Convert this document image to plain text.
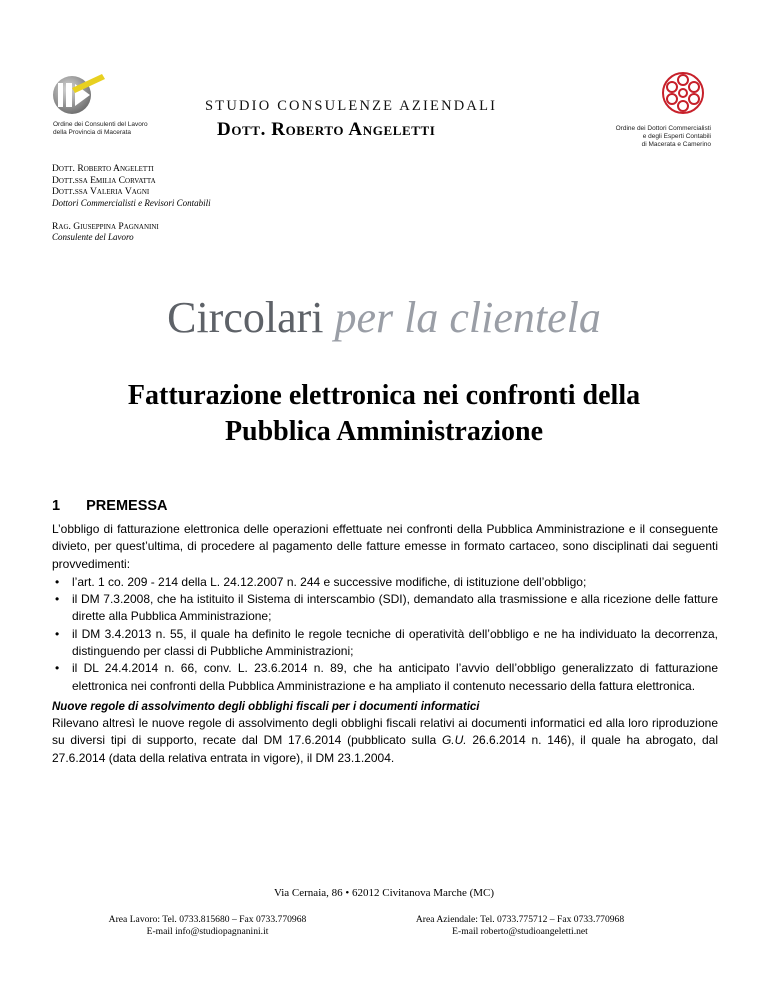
Ordine dei Consulenti del Lavoro
della Provincia di Macerata
STUDIO CONSULENZE AZIENDALI
Dott. Roberto Angeletti	Ordine dei Dottori Commercialisti
e degli Esperti Contabili
di Macerata e Camerino
Dott. Roberto Angeletti
Dott.ssa Emilia Corvatta
Dott.ssa Valeria Vagni
Dottori Commercialisti e Revisori Contabili
Rag. Giuseppina Pagnanini
Consulente del Lavoro
Circolari per la clientela
Fatturazione elettronica nei confronti della
Pubblica Amministrazione
1 PREMESSA
L’obbligo di fatturazione elettronica delle operazioni effettuate nei confronti della Pubblica Amministrazione e il conseguente divieto, per quest’ultima, di procedere al pagamento delle fatture emesse in formato cartaceo, sono disciplinati dai seguenti provvedimenti:
• l’art. 1 co. 209 - 214 della L. 24.12.2007 n. 244 e successive modifiche, di istituzione dell’obbligo;
• il DM 7.3.2008, che ha istituito il Sistema di interscambio (SDI), demandato alla trasmissione e alla ricezione delle fatture dirette alla Pubblica Amministrazione;
• il DM 3.4.2013 n. 55, il quale ha definito le regole tecniche di operatività dell’obbligo e ne ha individuato la decorrenza, distinguendo per classi di Pubbliche Amministrazioni;
• il DL 24.4.2014 n. 66, conv. L. 23.6.2014 n. 89, che ha anticipato l’avvio dell’obbligo generalizzato di fatturazione elettronica nei confronti della Pubblica Amministrazione e ha ampliato il contenuto necessario della fattura elettronica.
Nuove regole di assolvimento degli obblighi fiscali per i documenti informatici
Rilevano altresì le nuove regole di assolvimento degli obblighi fiscali relativi ai documenti informatici ed alla loro riproduzione su diversi tipi di supporto, recate dal DM 17.6.2014 (pubblicato sulla G.U. 26.6.2014 n. 146), il quale ha abrogato, dal 27.6.2014 (data della relativa entrata in vigore), il DM 23.1.2004.
Via Cernaia, 86 • 62012 Civitanova Marche (MC)
Area Lavoro: Tel. 0733.815680 – Fax 0733.770968
E-mail info@studiopagnanini.it
Area Aziendale: Tel. 0733.775712 – Fax 0733.770968
E-mail roberto@studioangeletti.net
